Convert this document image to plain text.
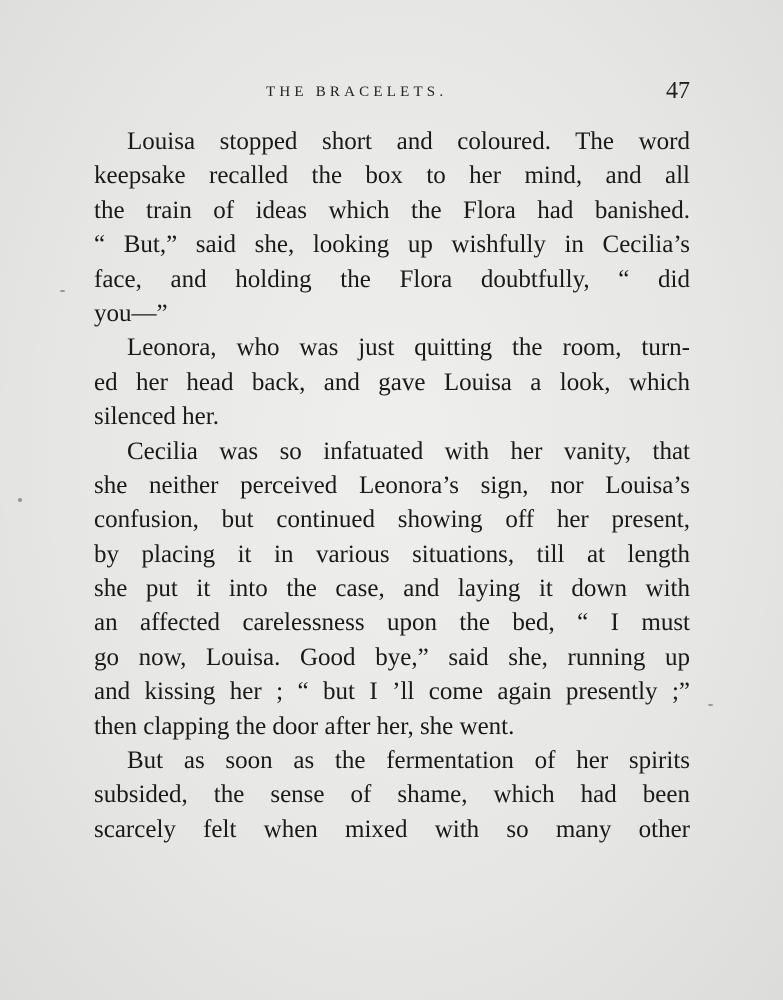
THE BRACELETS.	47
Louisa stopped short and coloured. The word
keepsake recalled the box to her mind, and all
the train of ideas which the Flora had banished.
“ But,” said she, looking up wishfully in Cecilia’s
face, and holding the Flora doubtfully, “ did
you—”
Leonora, who was just quitting the room, turn-
ed her head back, and gave Louisa a look, which
silenced her.
Cecilia was so infatuated with her vanity, that
she neither perceived Leonora’s sign, nor Louisa’s
confusion, but continued showing off her present,
by placing it in various situations, till at length
she put it into the case, and laying it down with
an affected carelessness upon the bed, “ I must
go now, Louisa. Good bye,” said she, running up
and kissing her ; “ but I ’ll come again presently ;”
then clapping the door after her, she went.
But as soon as the fermentation of her spirits
subsided, the sense of shame, which had been
scarcely felt when mixed with so many other
